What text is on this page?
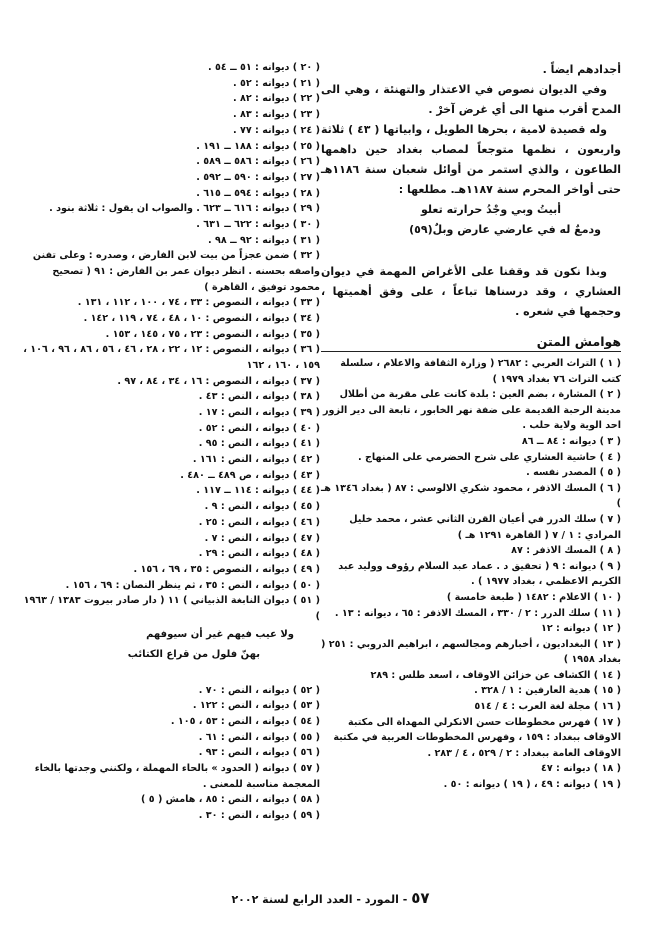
أجدادهم ايضاً .

وفي الديوان نصوص في الاعتذار والتهنئة ، وهي الى المدح أقرب منها الى أي غرض آخرْ .

وله قصيدة لامية ، بحرها الطويل ، وابياتها ( ٤٣ ) ثلاثة واربعون ، نظمها متوجعاً لمصاب بغداد حين داهمها الطاعون ، والذي استمر من أوائل شعبان سنة ١١٨٦هـ حتى أواخر المحرم سنة ١١٨٧هـ. مطلعها :

أبيتُ وبي وجْدُ حرارته تعلو

ودمعٌ له في عارضي عارض وبلٌ(٥٩)

وبذا نكون قد وقفنا على الأغراض المهمة في ديوان العشاري ، وقد درسناها تباعاً ، على وفق أهميتها ، وحجمها في شعره .

هوامش المتن

( ١ ) التراث العربي : ٢٦٨٢ ( وزارة الثقافة والاعلام ، سلسلة كتب التراث ٧٦ بغداد ١٩٧٩ )

( ٢ ) المشارة ، بضم العين : بلدة كانت على مقربة من أطلال مدينة الرحبة القديمة على ضفة نهر الخابور ، تابعة الى دير الزور احد الوية ولاية حلب .

( ٣ ) ديوانه : ٨٤ ــ ٨٦

( ٤ ) حاشية العشاري على شرح الحضرمي على المنهاج .

( ٥ ) المصدر نفسه .

( ٦ ) المسك الاذفر ، محمود شكري الالوسي : ٨٧ ( بغداد ١٣٤٦ هـ )

( ٧ ) سلك الدرر في أعيان القرن الثاني عشر ، محمد خليل المرادي : ١ / ٧ ( القاهرة ١٢٩١ هـ )

( ٨ ) المسك الاذفر : ٨٧

( ٩ ) ديوانه : ٩ ( تحقيق د . عماد عبد السلام رؤوف ووليد عبد الكريم الاعظمي ، بغداد ١٩٧٧ ) .

( ١٠ ) الاعلام : ١٤٨٢ ( طبعة خامسة )

( ١١ ) سلك الدرر : ٢ / ٣٣٠ ، المسك الاذفر : ٦٥ ، ديوانه : ١٣ .

( ١٢ ) ديوانه : ١٢

( ١٣ ) البغداديون ، أخبارهم ومجالسهم ، ابراهيم الدروبي : ٢٥١ ( بغداد ١٩٥٨ )

( ١٤ ) الكشاف عن خزائن الاوقاف ، اسعد طلس : ٢٨٩

( ١٥ ) هدية العارفين : ١ / ٣٢٨ .

( ١٦ ) مجلة لغة العرب : ٤ / ٥١٤

( ١٧ ) فهرس مخطوطات حسن الانكرلي المهداة الى مكتبة الاوقاف ببغداد : ١٥٩ ، وفهرس المخطوطات العربية في مكتبة الاوقاف العامة ببغداد : ٢ / ٥٢٩ ، ٤ / ٢٨٣ .

( ١٨ ) ديوانه : ٤٧

( ١٩ ) ديوانه : ٤٩ ، ( ١٩ ) ديوانه : ٥٠ .

( ٢٠ ) ديوانه : ٥١ ــ ٥٤ .

( ٢١ ) ديوانه : ٥٢ .

( ٢٢ ) ديوانه : ٨٢ .

( ٢٣ ) ديوانه : ٨٣ .

( ٢٤ ) ديوانه : ٧٧ .

( ٢٥ ) ديوانه : ١٨٨ ــ ١٩١ .

( ٢٦ ) ديوانه : ٥٨٦ ــ ٥٨٩ .

( ٢٧ ) ديوانه : ٥٩٠ ــ ٥٩٢ .

( ٢٨ ) ديوانه : ٥٩٤ ــ ٦١٥ .

( ٢٩ ) ديوانه : ٦١٦ ــ ٦٢٣ . والصواب ان يقول : ثلاثة بنود .

( ٣٠ ) ديوانه : ٦٢٢ ــ ٦٣١ .

( ٣١ ) ديوانه : ٩٢ ــ ٩٨ .

( ٣٢ ) ضمن عجزاً من بيت لابن الفارض ، وصدره : وعلى تفنن واصفه بحسنه . انظر ديوان عمر بن الفارض : ٩١ ( تصحيح محمود توفيق ، القاهرة )

( ٣٣ ) ديوانه ، النصوص : ٣٣ ، ٧٤ ، ١٠٠ ، ١١٢ ، ١٣١ .

( ٣٤ ) ديوانه ، النصوص : ١٠ ، ٤٨ ، ٧٤ ، ١١٩ ، ١٤٢ .

( ٣٥ ) ديوانه ، النصوص : ٢٣ ، ٧٥ ، ١٤٥ ، ١٥٣ .

( ٣٦ ) ديوانه ، النصوص : ١٢ ، ٢٢ ، ٢٨ ، ٤٦ ، ٥٦ ، ٨٦ ، ٩٦ ، ١٠٦ ، ١٥٩ ، ١٦٠ ، ١٦٢

( ٣٧ ) ديوانه ، النصوص : ١٦ ، ٣٤ ، ٨٤ ، ٩٧ .

( ٣٨ ) ديوانه ، النص : ٤٣ .

( ٣٩ ) ديوانه ، النص : ١٧ .

( ٤٠ ) ديوانه ، النص : ٥٢ .

( ٤١ ) ديوانه ، النص : ٩٥ .

( ٤٢ ) ديوانه ، النص : ١٦١ .

( ٤٣ ) ديوانه ، ص ٤٨٩ ــ ٤٨٠ .

( ٤٤ ) ديوانه : ١١٤ ــ ١١٧ .

( ٤٥ ) ديوانه ، النص : ٩ .

( ٤٦ ) ديوانه ، النص : ٢٥ .

( ٤٧ ) ديوانه ، النص : ٧ .

( ٤٨ ) ديوانه ، النص : ٢٩ .

( ٤٩ ) ديوانه ، النصوص : ٣٥ ، ٦٩ ، ١٥٦ .

( ٥٠ ) ديوانه ، النص : ٣٥ ، ثم ينظر النصان : ٦٩ ، ١٥٦ .

( ٥١ ) ديوان النابغة الذبياني ) ١١ ( دار صادر بيروت ١٣٨٣ / ١٩٦٣ )

ولا عيب فيهم غير أن سيوفهم

بهنّ فلول من قراع الكتائب

( ٥٢ ) ديوانه ، النص : ٧٠ .

( ٥٣ ) ديوانه ، النص : ١٢٢ .

( ٥٤ ) ديوانه ، النص : ٥٣ ، ١٠٥ .

( ٥٥ ) ديوانه ، النص : ٦١ .

( ٥٦ ) ديوانه ، النص : ٩٣ .

( ٥٧ ) ديوانه ( الحدود » بالحاء المهملة ، ولكنني وجدتها بالخاء المعجمة مناسبة للمعنى .

( ٥٨ ) ديوانه ، النص : ٨٥ ، هامش ( ٥ )

( ٥٩ ) ديوانه ، النص : ٣٠ .

٥٧ - المورد - العدد الرابع لسنة ٢٠٠٢
